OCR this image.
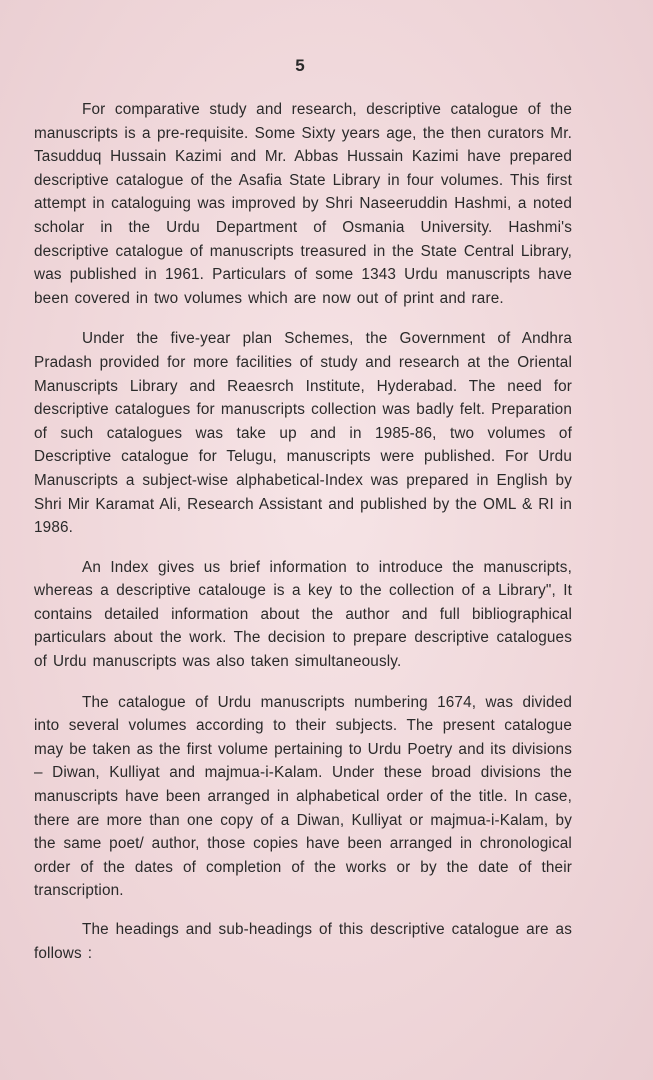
5

For comparative study and research, descriptive catalogue of the manuscripts is a pre-requisite. Some Sixty years age, the then curators Mr. Tasudduq Hussain Kazimi and Mr. Abbas Hussain Kazimi have prepared descriptive catalogue of the Asafia State Library in four volumes. This first attempt in cataloguing was improved by Shri Naseeruddin Hashmi, a noted scholar in the Urdu Department of Osmania University. Hashmi's descriptive catalogue of manuscripts treasured in the State Central Library, was published in 1961. Particulars of some 1343 Urdu manuscripts have been covered in two volumes which are now out of print and rare.

Under the five-year plan Schemes, the Government of Andhra Pradash provided for more facilities of study and research at the Oriental Manuscripts Library and Reaesrch Institute, Hyderabad. The need for descriptive catalogues for manuscripts collection was badly felt. Preparation of such catalogues was take up and in 1985-86, two volumes of Descriptive catalogue for Telugu, manuscripts were published. For Urdu Manuscripts a subject-wise alphabetical-Index was prepared in English by Shri Mir Karamat Ali, Research Assistant and published by the OML & RI in 1986.

An Index gives us brief information to introduce the manuscripts, whereas a descriptive catalouge is a key to the collection of a Library", It contains detailed information about the author and full bibliographical particulars about the work. The decision to prepare descriptive catalogues of Urdu manuscripts was also taken simultaneously.

The catalogue of Urdu manuscripts numbering 1674, was divided into several volumes according to their subjects. The present catalogue may be taken as the first volume pertaining to Urdu Poetry and its divisions – Diwan, Kulliyat and majmua-i-Kalam. Under these broad divisions the manuscripts have been arranged in alphabetical order of the title. In case, there are more than one copy of a Diwan, Kulliyat or majmua-i-Kalam, by the same poet/ author, those copies have been arranged in chronological order of the dates of completion of the works or by the date of their transcription.

The headings and sub-headings of this descriptive catalogue are as follows :
